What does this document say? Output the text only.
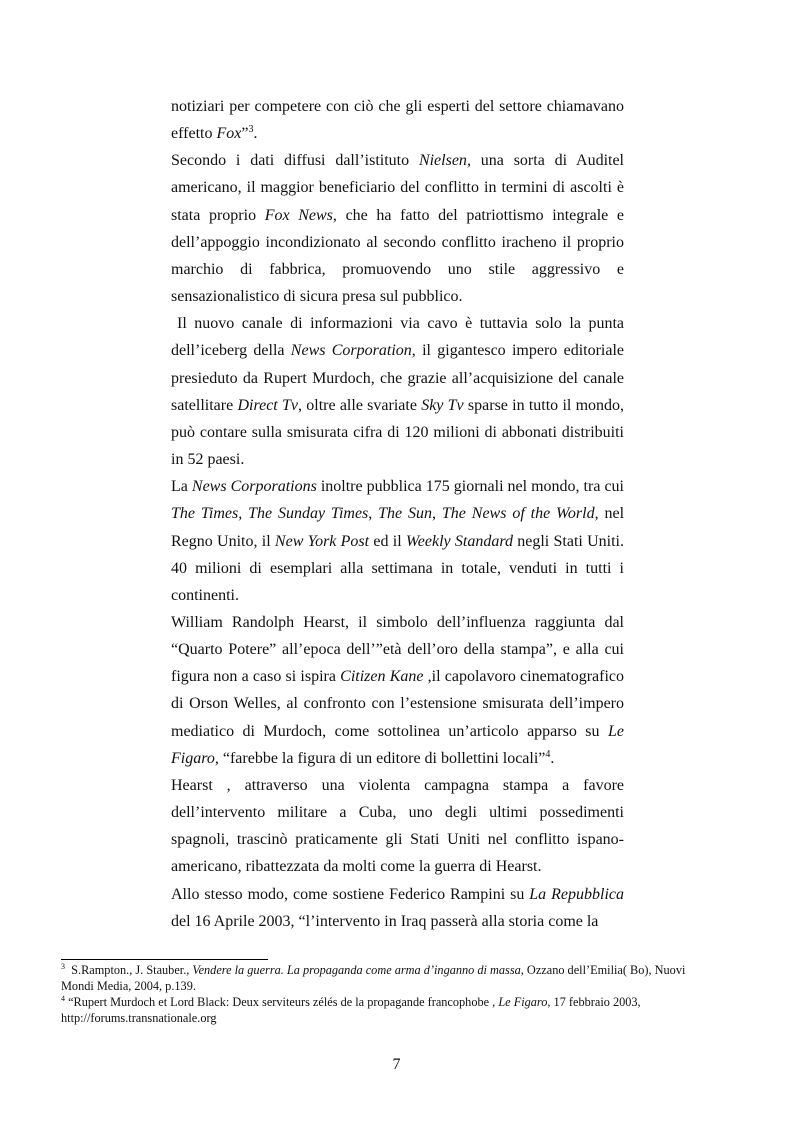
notiziari per competere con ciò che gli esperti del settore chiamavano effetto Fox”$^3$.

Secondo i dati diffusi dall’istituto Nielsen, una sorta di Auditel americano, il maggior beneficiario del conflitto in termini di ascolti è stata proprio Fox News, che ha fatto del patriottismo integrale e dell’appoggio incondizionato al secondo conflitto iracheno il proprio marchio di fabbrica, promuovendo uno stile aggressivo e sensazionalistico di sicura presa sul pubblico.

Il nuovo canale di informazioni via cavo è tuttavia solo la punta dell’iceberg della News Corporation, il gigantesco impero editoriale presieduto da Rupert Murdoch, che grazie all’acquisizione del canale satellitare Direct Tv, oltre alle svariate Sky Tv sparse in tutto il mondo, può contare sulla smisurata cifra di 120 milioni di abbonati distribuiti in 52 paesi.

La News Corporations inoltre pubblica 175 giornali nel mondo, tra cui The Times, The Sunday Times, The Sun, The News of the World, nel Regno Unito, il New York Post ed il Weekly Standard negli Stati Uniti. 40 milioni di esemplari alla settimana in totale, venduti in tutti i continenti.

William Randolph Hearst, il simbolo dell’influenza raggiunta dal “Quarto Potere” all’epoca dell’”età dell’oro della stampa”, e alla cui figura non a caso si ispira Citizen Kane ,il capolavoro cinematografico di Orson Welles, al confronto con l’estensione smisurata dell’impero mediatico di Murdoch, come sottolinea un’articolo apparso su Le Figaro, “farebbe la figura di un editore di bollettini locali”$^4$.

Hearst , attraverso una violenta campagna stampa a favore dell’intervento militare a Cuba, uno degli ultimi possedimenti spagnoli, trascinò praticamente gli Stati Uniti nel conflitto ispano-americano, ribattezzata da molti come la guerra di Hearst.

Allo stesso modo, come sostiene Federico Rampini su La Repubblica del 16 Aprile 2003, “l’intervento in Iraq passerà alla storia come la

$^3$ S.Rampton., J. Stauber., Vendere la guerra. La propaganda come arma d’inganno di massa, Ozzano dell’Emilia( Bo), Nuovi Mondi Media, 2004, p.139.

$^4$ “Rupert Murdoch et Lord Black: Deux serviteurs zélés de la propagande francophobe , Le Figaro, 17 febbraio 2003, http://forums.transnationale.org

7
